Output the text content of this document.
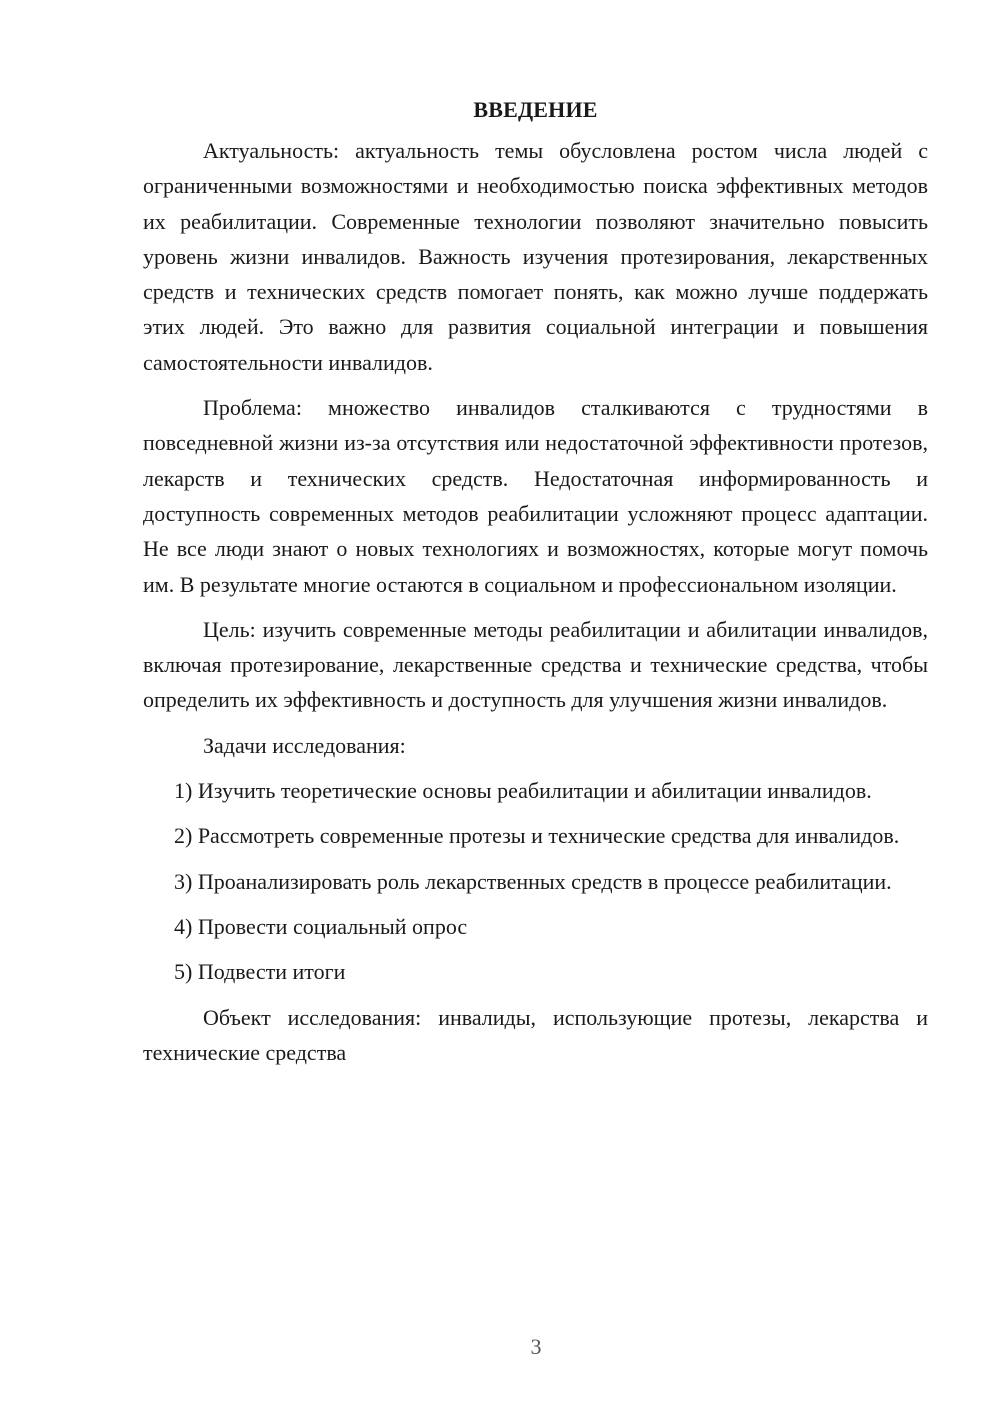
ВВЕДЕНИЕ

Актуальность: актуальность темы обусловлена ростом числа людей с ограниченными возможностями и необходимостью поиска эффективных методов их реабилитации. Современные технологии позволяют значительно повысить уровень жизни инвалидов. Важность изучения протезирования, лекарственных средств и технических средств помогает понять, как можно лучше поддержать этих людей. Это важно для развития социальной интеграции и повышения самостоятельности инвалидов.

Проблема: множество инвалидов сталкиваются с трудностями в повседневной жизни из-за отсутствия или недостаточной эффективности протезов, лекарств и технических средств. Недостаточная информированность и доступность современных методов реабилитации усложняют процесс адаптации. Не все люди знают о новых технологиях и возможностях, которые могут помочь им. В результате многие остаются в социальном и профессиональном изоляции.

Цель: изучить современные методы реабилитации и абилитации инвалидов, включая протезирование, лекарственные средства и технические средства, чтобы определить их эффективность и доступность для улучшения жизни инвалидов.

Задачи исследования:

1) Изучить теоретические основы реабилитации и абилитации инвалидов.

2) Рассмотреть современные протезы и технические средства для инвалидов.

3) Проанализировать роль лекарственных средств в процессе реабилитации.

4) Провести социальный опрос

5) Подвести итоги

Объект исследования: инвалиды, использующие протезы, лекарства и технические средства

3
